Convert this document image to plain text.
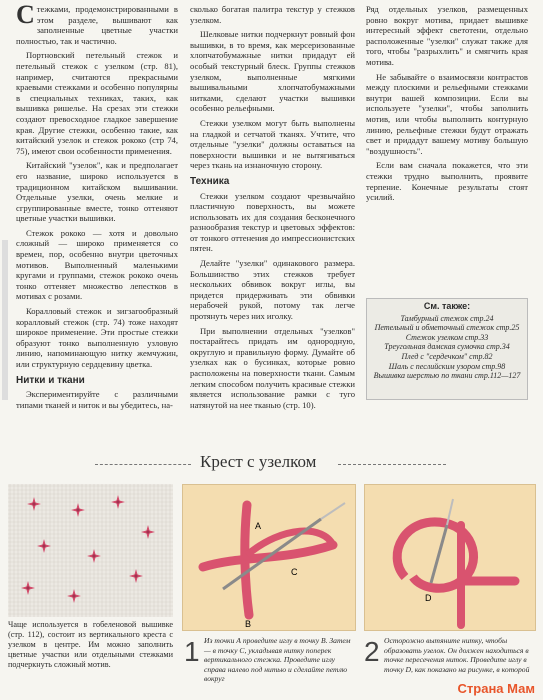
Стежками, продемонстрированными в этом разделе, вышивают как заполненные цветные участки полностью, так и частично.

Портновский петельный стежок и петельный стежок с узелком (стр. 81), например, считаются прекрасными краевыми стежками и особенно популярны в специальных техниках, таких, как вышивка ришелье. На срезах эти стежки создают превосходное гладкое завершение края. Другие стежки, особенно такие, как китайский узелок и стежок рококо (стр 74, 75), имеют свои особенности применения.

Китайский "узелок", как и предполагает его название, широко используется в традиционном китайском вышивании. Отдельные узелки, очень мелкие и сгруппированные вместе, тонко оттеняют цветные участки вышивки.

Стежок рококо — хотя и довольно сложный — широко применяется со времен, пор, особенно внутри цветочных мотивов. Выполненный маленькими кругами и группами, стежок рококо очень тонко оттеняет множество лепестков в мотивах с розами.

Коралловый стежок и зигзагообразный коралловый стежок (стр. 74) тоже находят широкое применение. Эти простые стежки образуют тонко выполненную узловую линию, напоминающую нитку жемчужин, или структурную сердцевину цветка.

Нитки и ткани

Экспериментируйте с различными типами тканей и ниток и вы убедитесь, на-

сколько богатая палитра текстур у стежков узелком.

Шелковые нитки подчеркнут ровный фон вышивки, в то время, как мерсеризованные хлопчатобумажные нитки придадут ей особый текстурный блеск. Группы стежков узелком, выполненные мягкими вышивальными хлопчатобумажными нитками, сделают участки вышивки особенно рельефными.

Стежки узелком могут быть выполнены на гладкой и сетчатой тканях. Учтите, что отдельные "узелки" должны оставаться на поверхности вышивки и не вытягиваться через ткань на изнаночную сторону.

Техника

Стежки узелком создают чрезвычайно пластичную поверхность, вы можете использовать их для создания бесконечного разнообразия текстур и цветовых эффектов: от тонкого оттенения до импрессионистских пятен.

Делайте "узелки" одинакового размера. Большинство этих стежков требует нескольких обвивок вокруг иглы, вы придется придерживать эти обвивки нерабочей рукой, потому так легче протянуть через них иголку.

При выполнении отдельных "узелков" постарайтесь придать им однородную, округлую и правильную форму. Думайте об узелках как о бусинках, которые ровно расположены на поверхности ткани. Самым легким способом получить красивые стежки является использование рамки с туго натянутой на нее тканью (стр. 10).

Ряд отдельных узелков, размещенных ровно вокруг мотива, придает вышивке интересный эффект светотени, отдельно расположенные "узелки" служат также для того, чтобы "разрыхлить" и смягчить края мотива.

Не забывайте о взаимосвязи контрастов между плоскими и рельефными стежками внутри вашей композиции. Если вы используете "узелки", чтобы заполнить мотив, или чтобы выполнить контурную линию, рельефные стежки будут отражать свет и придадут вашему мотиву большую "воздушность".

Если вам сначала покажется, что эти стежки трудно выполнить, проявите терпение. Конечные результаты стоят усилий.

См. также:
Тамбурный стежок стр.24
Петельный и обметочный стежок стр.25
Стежок узелком стр.33
Треугольная дамская сумочка стр.34
Плед с "сердечком" стр.82
Шаль с песлийским узором стр.98
Вышивка шерстью по ткани стр.112—127
Крест с узелком
Чаще используется в гобеленовой вышивке (стр. 112), состоит из вертикального креста с узелком в центре. Им можно заполнить цветные участки или отдельными стежками подчеркнуть сложный мотив.
A
C
B
D
1 Из точки А проведите иглу в точку В. Затем — в точку С, укладывая нитку поперек вертикального стежка. Проведите иглу справа налево под нитью и сделайте петлю вокруг
2 Осторожно вытяните нитку, чтобы образовать узелок. Он должен находиться в точке пересечения ниток. Проведите иглу в точку D, как показано на рисунке, в которой
Страна Мам
